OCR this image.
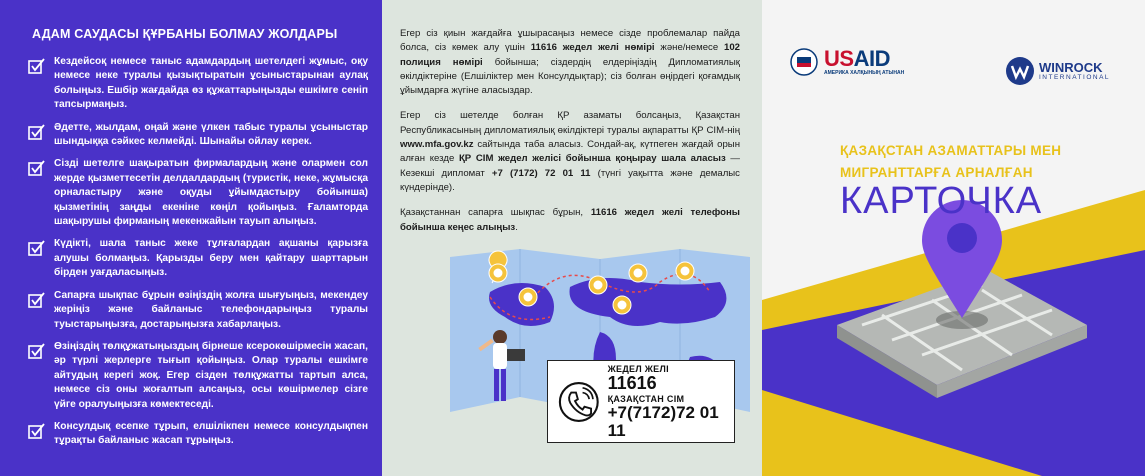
АДАМ САУДАСЫ ҚҰРБАНЫ БОЛМАУ ЖОЛДАРЫ

Кездейсоқ немесе таныс адамдардың шетелдегі жұмыс, оқу немесе неке туралы қызықтыратын ұсыныстарынан аулақ болыңыз. Ешбір жағдайда өз құжаттарыңызды ешкімге сеніп тапсырмаңыз.

Әдетте, жылдам, оңай және үлкен табыс туралы ұсыныстар шындыққа сәйкес келмейді. Шынайы ойлау керек.

Сізді шетелге шақыратын фирмалардың және олармен сол жерде қызметтесетін делдалдардың (туристік, неке, жұмысқа орналастыру және оқуды ұйымдастыру бойынша) қызметінің заңды екеніне көңіл қойыңыз. Ғаламторда шақырушы фирманың мекенжайын тауып алыңыз.

Күдікті, шала таныс жеке тұлғалардан ақшаны қарызға алушы болмаңыз. Қарызды беру мен қайтару шарттарын бірден уағдаласыңыз.

Сапарға шықпас бұрын өзіңіздің жолға шығуыңыз, мекендеу жеріңіз және байланыс телефондарыңыз туралы туыстарыңызға, достарыңызға хабарлаңыз.

Өзіңіздің төлқұжатыңыздың бірнеше ксерокөшірмесін жасап, әр түрлі жерлерге тығып қойыңыз. Олар туралы ешкімге айтудың керегі жоқ. Егер сізден төлқұжатты тартып алса, немесе сіз оны жоғалтып алсаңыз, осы көшірмелер сізге үйге оралуыңызға көмектеседі.

Консулдық есепке тұрып, елшілікпен немесе консулдықпен тұрақты байланыс жасап тұрыңыз.

Егер сіз қиын жағдайға ұшырасаңыз немесе сізде проблемалар пайда болса, сіз көмек алу үшін 11616 жедел желі нөмірі және/немесе 102 полиция нөмірі бойынша; сіздердің елдеріңіздің Дипломатиялық өкілдіктеріне (Елшіліктер мен Консулдықтар); сіз болған өңірдегі қоғамдық ұйымдарға жүгіне аласыздар.

Егер сіз шетелде болған ҚР азаматы болсаңыз, Қазақстан Республикасының дипломатиялық өкілдіктері туралы ақпаратты ҚР СІМ-нің www.mfa.gov.kz сайтында таба аласыз. Сондай-ақ, күтпеген жағдай орын алған кезде ҚР СІМ жедел желісі бойынша қоңырау шала аласыз — Кезекші дипломат +7 (7172) 72 01 11 (түнгі уақытта және демалыс күндерінде).

Қазақстаннан сапарға шықпас бұрын, 11616 жедел желі телефоны бойынша кеңес алыңыз.

ЖЕДЕЛ ЖЕЛІ
11616
ҚАЗАҚСТАН СІМ
+7(7172)72 01 11
USAID
АМЕРИКА ХАЛҚЫНЫҢ АТЫНАН	WINROCK
INTERNATIONAL
ҚАЗАҚСТАН АЗАМАТТАРЫ МЕН
МИГРАНТТАРҒА АРНАЛҒАН
КАРТОЧКА
